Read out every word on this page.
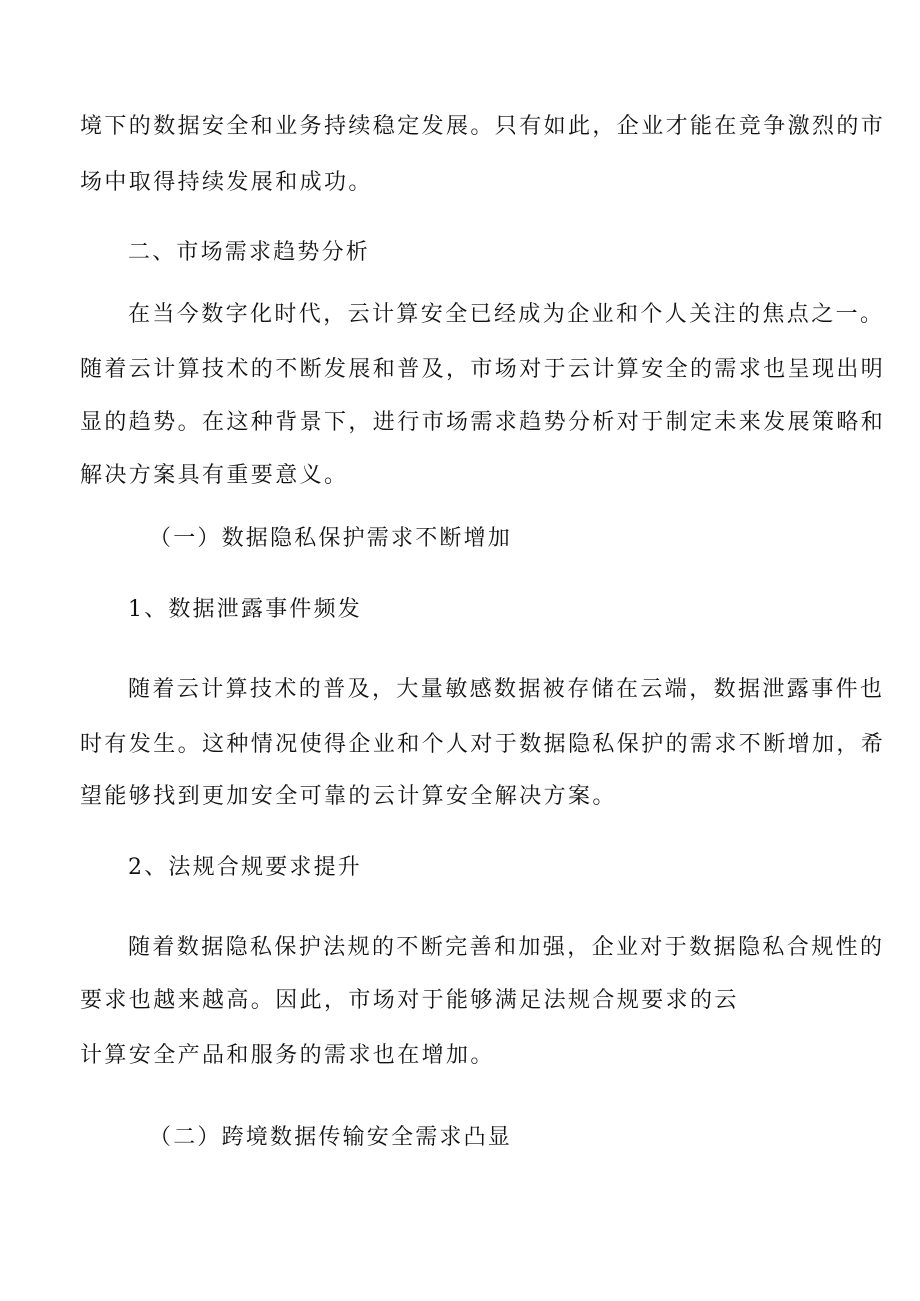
境下的数据安全和业务持续稳定发展。只有如此，企业才能在竞争激烈的市
场中取得持续发展和成功。
二、市场需求趋势分析
在当今数字化时代，云计算安全已经成为企业和个人关注的焦点之一。
随着云计算技术的不断发展和普及，市场对于云计算安全的需求也呈现出明
显的趋势。在这种背景下，进行市场需求趋势分析对于制定未来发展策略和
解决方案具有重要意义。
（一）数据隐私保护需求不断增加
1、数据泄露事件频发
随着云计算技术的普及，大量敏感数据被存储在云端，数据泄露事件也
时有发生。这种情况使得企业和个人对于数据隐私保护的需求不断增加，希
望能够找到更加安全可靠的云计算安全解决方案。
2、法规合规要求提升
随着数据隐私保护法规的不断完善和加强，企业对于数据隐私合规性的
要求也越来越高。因此，市场对于能够满足法规合规要求的云
计算安全产品和服务的需求也在增加。
（二）跨境数据传输安全需求凸显
